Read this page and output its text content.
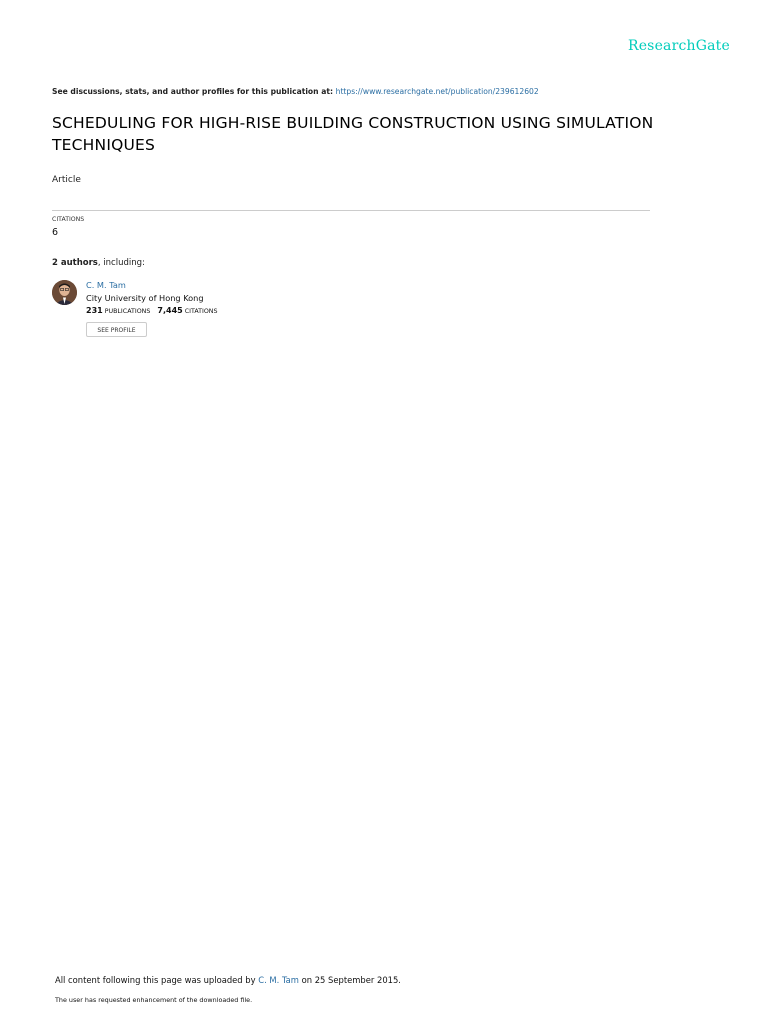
ResearchGate
See discussions, stats, and author profiles for this publication at: https://www.researchgate.net/publication/239612602
SCHEDULING FOR HIGH-RISE BUILDING CONSTRUCTION USING SIMULATION TECHNIQUES
Article
CITATIONS
6
2 authors, including:
C. M. Tam
City University of Hong Kong
231 PUBLICATIONS 7,445 CITATIONS
SEE PROFILE
All content following this page was uploaded by C. M. Tam on 25 September 2015.
The user has requested enhancement of the downloaded file.
